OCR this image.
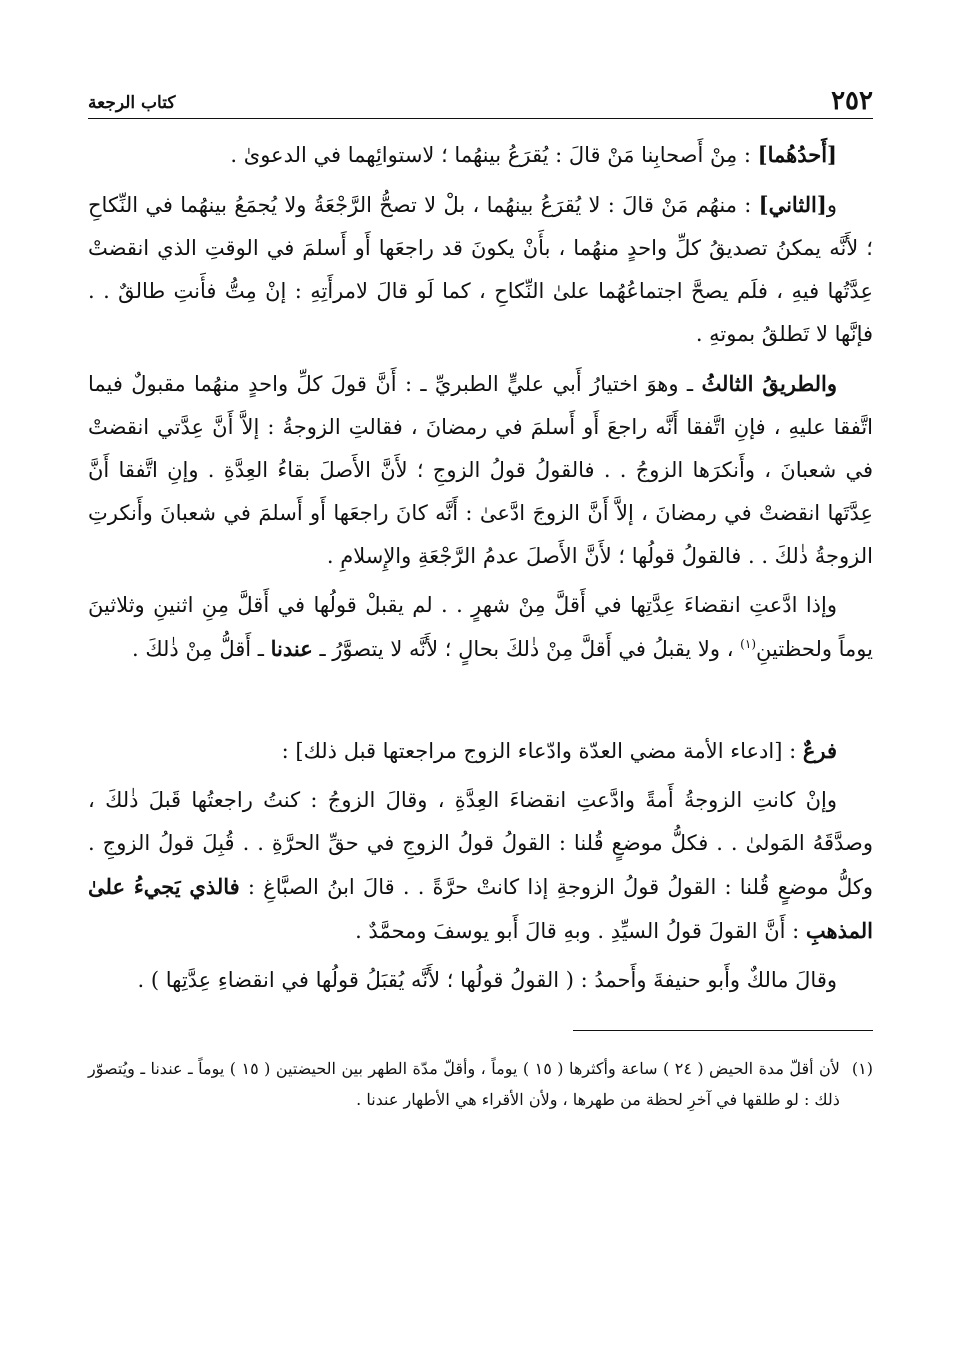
٢٥٢
كتاب الرجعة

[أَحدُهُما] : مِنْ أَصحابِنا مَنْ قالَ : يُقرَعُ بينهُما ؛ لاستوائِهما في الدعوىٰ .

و[الثاني] : منهُم مَنْ قالَ : لا يُقرَعُ بينهُما ، بلْ لا تصحُّ الرَّجْعَةُ ولا يُجمَعُ بينهُما في النِّكاحِ ؛ لأَنَّه يمكنُ تصديقُ كلِّ واحدٍ منهُما ، بأَنْ يكونَ قد راجعَها أَو أَسلمَ في الوقتِ الذي انقضتْ عِدَّتُها فيهِ ، فلَم يصحَّ اجتماعُهُما علىٰ النِّكاحِ ، كما لَو قالَ لامرأَتِهِ : إنْ مِتُّ فأَنتِ طالقٌ . . فإنَّها لا تَطلقُ بموتهِ .

والطريقُ الثالثُ ـ وهوَ اختيارُ أَبي عليٍّ الطبريِّ ـ : أَنَّ قولَ كلِّ واحدٍ منهُما مقبولٌ فيما اتَّفقا عليهِ ، فإنِ اتَّفقا أَنَّه راجعَ أَو أَسلمَ في رمضانَ ، فقالتِ الزوجةُ : إلاَّ أَنَّ عِدَّتي انقضتْ في شعبانَ ، وأَنكرَها الزوجُ . . فالقولُ قولُ الزوجِ ؛ لأَنَّ الأَصلَ بقاءُ العِدَّةِ . وإنِ اتَّفقا أَنَّ عِدَّتَها انقضتْ في رمضانَ ، إلاَّ أَنَّ الزوجَ ادَّعىٰ : أَنَّه كانَ راجعَها أَو أَسلمَ في شعبانَ وأَنكرتِ الزوجةُ ذٰلكَ . . فالقولُ قولُها ؛ لأَنَّ الأَصلَ عدمُ الرَّجْعَةِ والإِسلامِ .

وإذا ادَّعتِ انقضاءَ عِدَّتِها في أَقلَّ مِنْ شهرٍ . . لم يقبلْ قولُها في أَقلَّ مِنِ اثنينِ وثلاثينَ يوماً ولحظتينِ$^{(١)}$ ، ولا يقبلُ في أَقلَّ مِنْ ذٰلكَ بحالٍ ؛ لأَنَّه لا يتصوَّرُ ـ عندنا ـ أَقلُّ مِنْ ذٰلكَ .

فرعٌ : [ادعاء الأمة مضي العدّة وادّعاء الزوج مراجعتها قبل ذلك] :

وإنْ كانتِ الزوجةُ أَمةً وادَّعتِ انقضاءَ العِدَّةِ ، وقالَ الزوجُ : كنتُ راجعتُها قَبلَ ذٰلكَ ، وصدَّقَهُ المَولىٰ . . فكلُّ موضعٍ قُلنا : القولُ قولُ الزوجِ في حقِّ الحرَّةِ . . قُبِلَ قولُ الزوجِ . وكلُّ موضعٍ قُلنا : القولُ قولُ الزوجةِ إذا كانتْ حرَّةً . . قالَ ابنُ الصبَّاغِ : فالذي يَجيءُ علىٰ المذهبِ : أَنَّ القولَ قولُ السيِّدِ . وبهِ قالَ أَبو يوسفَ ومحمَّدٌ .

وقالَ مالكٌ وأَبو حنيفةَ وأَحمدُ : ( القولُ قولُها ؛ لأَنَّه يُقبَلُ قولُها في انقضاءِ عِدَّتِها ) .

(١)
لأن أقلّ مدة الحيض ( ٢٤ ) ساعة وأكثرها ( ١٥ ) يوماً ، وأقلّ مدّة الطهر بين الحيضتين ( ١٥ ) يوماً ـ عندنا ـ ويُتصوّر ذلك : لو طلقها في آخرِ لحظة من طهرها ، ولأن الأقراء هي الأطهار عندنا .
